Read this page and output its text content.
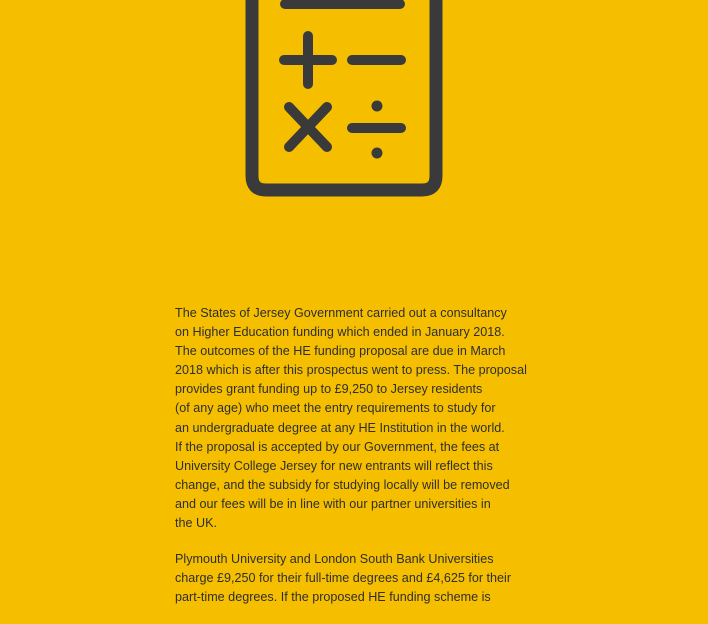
The States of Jersey Government carried out a consultancy
on Higher Education funding which ended in January 2018.
The outcomes of the HE funding proposal are due in March
2018 which is after this prospectus went to press. The proposal
provides grant funding up to £9,250 to Jersey residents
(of any age) who meet the entry requirements to study for
an undergraduate degree at any HE Institution in the world.
If the proposal is accepted by our Government, the fees at
University College Jersey for new entrants will reflect this
change, and the subsidy for studying locally will be removed
and our fees will be in line with our partner universities in
the UK.

Plymouth University and London South Bank Universities
charge £9,250 for their full-time degrees and £4,625 for their
part-time degrees. If the proposed HE funding scheme is
